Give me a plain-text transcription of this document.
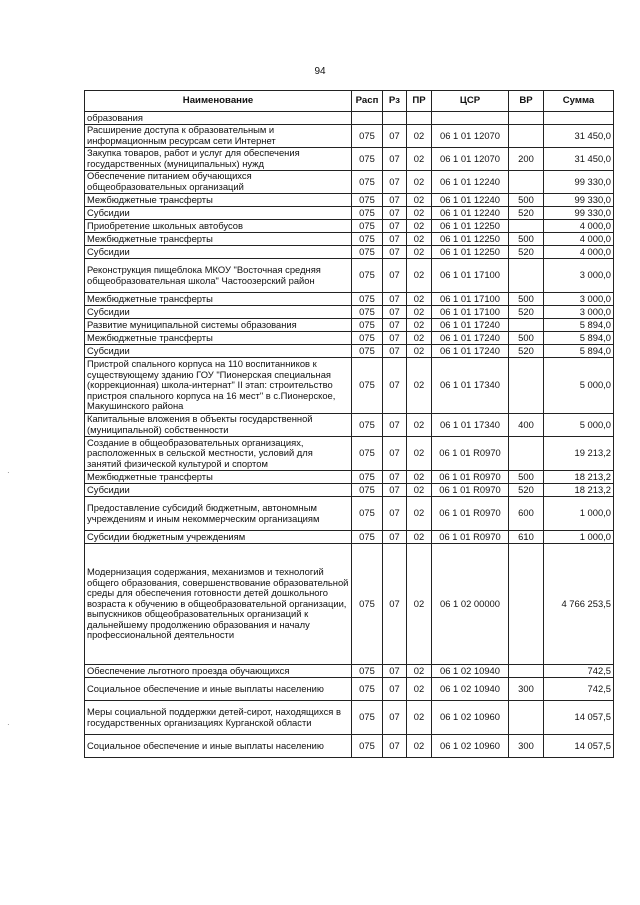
94
·
·
Наименование	Расп	Рз	ПР	ЦСР	ВР	Сумма
образования						
Расширение доступа к образовательным и информационным ресурсам сети Интернет	075	07	02	06 1 01 12070		31 450,0
Закупка товаров, работ и услуг для обеспечения государственных (муниципальных) нужд	075	07	02	06 1 01 12070	200	31 450,0
Обеспечение питанием обучающихся общеобразовательных организаций	075	07	02	06 1 01 12240		99 330,0
Межбюджетные трансферты	075	07	02	06 1 01 12240	500	99 330,0
Субсидии	075	07	02	06 1 01 12240	520	99 330,0
Приобретение школьных автобусов	075	07	02	06 1 01 12250		4 000,0
Межбюджетные трансферты	075	07	02	06 1 01 12250	500	4 000,0
Субсидии	075	07	02	06 1 01 12250	520	4 000,0
Реконструкция пищеблока МКОУ "Восточная средняя общеобразовательная школа" Частоозерский район	075	07	02	06 1 01 17100		3 000,0
Межбюджетные трансферты	075	07	02	06 1 01 17100	500	3 000,0
Субсидии	075	07	02	06 1 01 17100	520	3 000,0
Развитие муниципальной системы образования	075	07	02	06 1 01 17240		5 894,0
Межбюджетные трансферты	075	07	02	06 1 01 17240	500	5 894,0
Субсидии	075	07	02	06 1 01 17240	520	5 894,0
Пристрой спального корпуса на 110 воспитанников к существующему зданию ГОУ "Пионерская специальная (коррекционная) школа-интернат" II этап: строительство пристроя спального корпуса на 16 мест" в с.Пионерское, Макушинского района	075	07	02	06 1 01 17340		5 000,0
Капитальные вложения в объекты государственной (муниципальной) собственности	075	07	02	06 1 01 17340	400	5 000,0
Создание в общеобразовательных организациях, расположенных в сельской местности, условий для занятий физической культурой и спортом	075	07	02	06 1 01 R0970		19 213,2
Межбюджетные трансферты	075	07	02	06 1 01 R0970	500	18 213,2
Субсидии	075	07	02	06 1 01 R0970	520	18 213,2
Предоставление субсидий бюджетным, автономным учреждениям и иным некоммерческим организациям	075	07	02	06 1 01 R0970	600	1 000,0
Субсидии бюджетным учреждениям	075	07	02	06 1 01 R0970	610	1 000,0
Модернизация содержания, механизмов и технологий общего образования, совершенствование образовательной среды для обеспечения готовности детей дошкольного возраста к обучению в общеобразовательной организации, выпускников общеобразовательных организаций к дальнейшему продолжению образования и началу профессиональной деятельности	075	07	02	06 1 02 00000		4 766 253,5
Обеспечение льготного проезда обучающихся	075	07	02	06 1 02 10940		742,5
Социальное обеспечение и иные выплаты населению	075	07	02	06 1 02 10940	300	742,5
Меры социальной поддержки детей-сирот, находящихся в государственных организациях Курганской области	075	07	02	06 1 02 10960		14 057,5
Социальное обеспечение и иные выплаты населению	075	07	02	06 1 02 10960	300	14 057,5
